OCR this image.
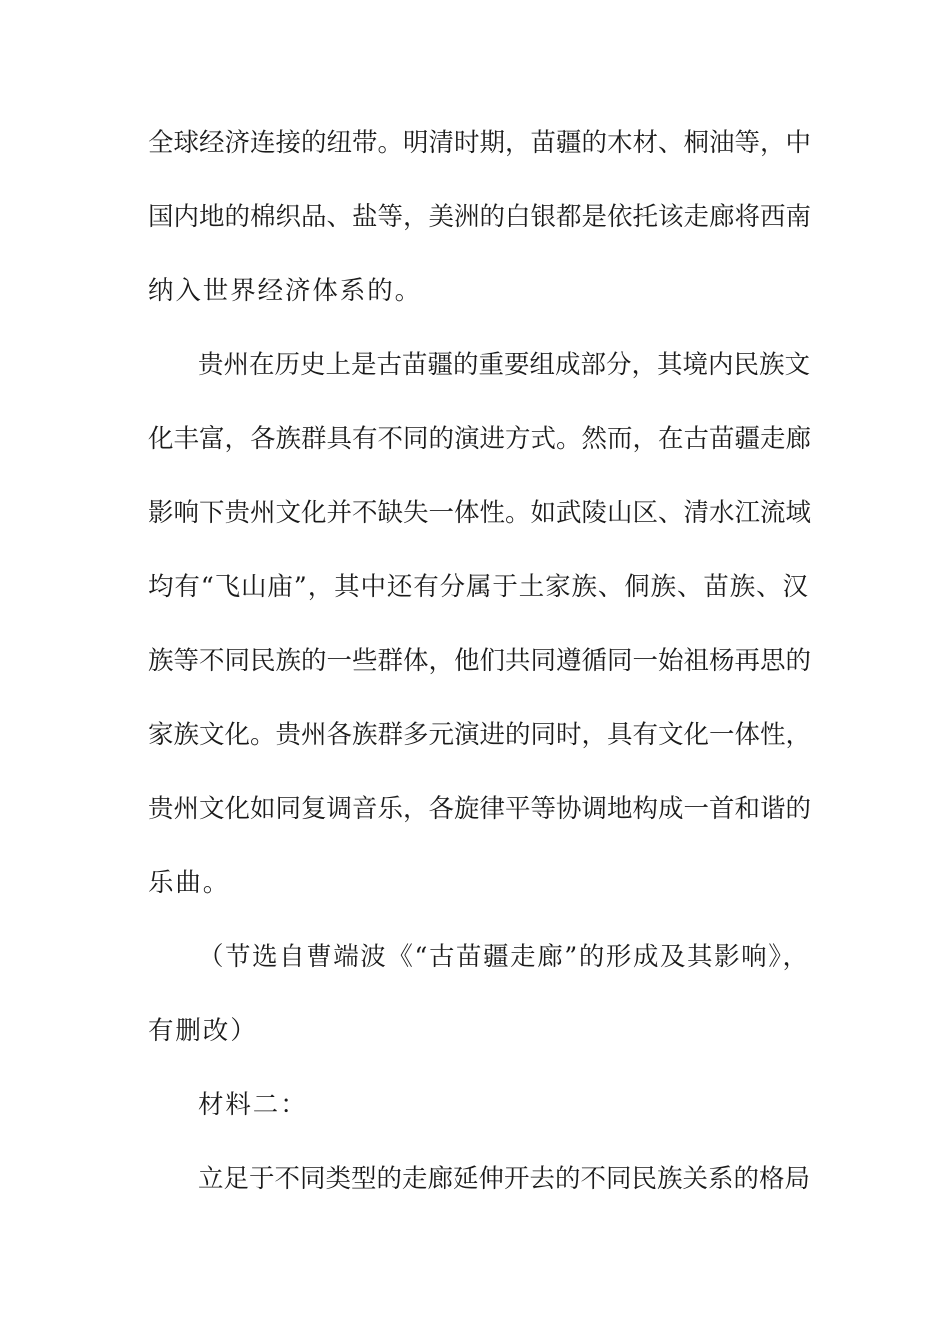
全球经济连接的纽带。明清时期，苗疆的木材、桐油等，中
国内地的棉织品、盐等，美洲的白银都是依托该走廊将西南
纳入世界经济体系的。
贵州在历史上是古苗疆的重要组成部分，其境内民族文
化丰富，各族群具有不同的演进方式。然而，在古苗疆走廊
影响下贵州文化并不缺失一体性。如武陵山区、清水江流域
均有“飞山庙”，其中还有分属于土家族、侗族、苗族、汉
族等不同民族的一些群体，他们共同遵循同一始祖杨再思的
家族文化。贵州各族群多元演进的同时，具有文化一体性，
贵州文化如同复调音乐，各旋律平等协调地构成一首和谐的
乐曲。
（节选自曹端波《“古苗疆走廊”的形成及其影响》，
有删改）
材料二：
立足于不同类型的走廊延伸开去的不同民族关系的格局
